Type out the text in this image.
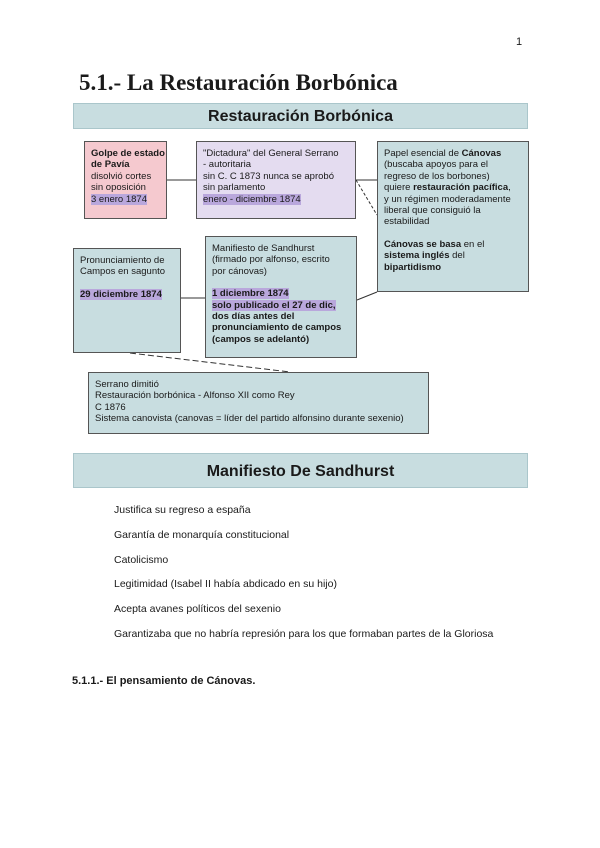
1
5.1.- La Restauración Borbónica
Restauración Borbónica
Golpe de estado
de Pavía
disolvió cortes
sin oposición
3 enero 1874
"Dictadura" del General Serrano
- autoritaria
sin C. C 1873 nunca se aprobó
sin parlamento
enero - diciembre 1874
Papel esencial de Cánovas
(buscaba apoyos para el
regreso de los borbones)
quiere restauración pacífica,
y un régimen moderadamente
liberal que consiguió la
estabilidad
Cánovas se basa en el
sistema inglés del
bipartidismo
Pronunciamiento de
Campos en sagunto
29 diciembre 1874
Manifiesto de Sandhurst
(firmado por alfonso, escrito
por cánovas)
1 diciembre 1874
solo publicado el 27 de dic,
dos días antes del
pronunciamiento de campos
(campos se adelantó)
Serrano dimitió
Restauración borbónica - Alfonso XII como Rey
C 1876
Sistema canovista (canovas = líder del partido alfonsino durante sexenio)
Manifiesto De Sandhurst
Justifica su regreso a españa
Garantía de monarquía constitucional
Catolicismo
Legitimidad (Isabel II había abdicado en su hijo)
Acepta avanes políticos del sexenio
Garantizaba que no habría represión para los que formaban partes de la Gloriosa
5.1.1.- El pensamiento de Cánovas.
